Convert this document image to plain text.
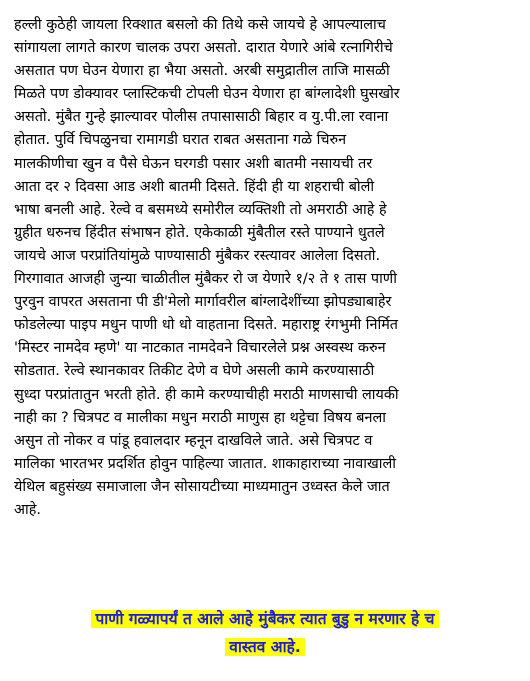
हल्ली कुठेही जायला रिक्शात बसलो की तिथे कसे जायचे हे आपल्यालाच
सांगायला लागते कारण चालक उपरा असतो. दारात येणारे आंबे रत्नागिरीचे
असतात पण घेउन येणारा हा भैया असतो. अरबी समुद्रातील ताजि मासळी
मिळते पण डोक्यावर प्लास्टिकची टोपली घेउन येणारा हा बांग्लादेशी घुसखोर
असतो. मुंबैत गुन्हे झाल्यावर पोलीस तपासासाठी बिहार व यु.पी.ला रवाना
होतात. पुर्वि चिपळुनचा रामागडी घरात राबत असताना गळे चिरुन
मालकीणीचा खुन व पैसे घेऊन घरगडी पसार अशी बातमी नसायची तर
आता दर २ दिवसा आड अशी बातमी दिसते. हिंदी ही या शहराची बोली
भाषा बनली आहे. रेल्वे व बसमध्ये समोरील व्यक्तिशी तो अमराठी आहे हे
ग्रुहीत धरुनच हिंदीत संभाषन होते. एकेकाळी मुंबैतील रस्ते पाण्याने धुतले
जायचे आज परप्रांतियांमुळे पाण्यासाठी मुंबैकर रस्त्यावर आलेला दिसतो.
गिरगावात आजही जुन्या चाळीतील मुंबैकर रो ज येणारे १/२ ते १ तास पाणी
पुरवुन वापरत असताना पी डी'मेलो मार्गावरील बांग्लादेशींच्या झोपड्याबाहेर
फोडलेल्या पाइप मधुन पाणी धो धो वाहताना दिसते. महाराष्ट्र रंगभुमी निर्मित
'मिस्टर नामदेव म्हणे' या नाटकात नामदेवने विचारलेले प्रश्न अस्वस्थ करुन
सोडतात. रेल्वे स्थानकावर तिकीट देणे व घेणे असली कामे करण्यासाठी
सुध्दा परप्रांतातुन भरती होते. ही कामे करण्याचीही मराठी माणसाची लायकी
नाही का ? चित्रपट व मालीका मधुन मराठी माणुस हा थट्टेचा विषय बनला
असुन तो नोकर व पांडू हवालदार म्हनून दाखविले जाते. असे चित्रपट व
मालिका भारतभर प्रदर्शित होवुन पाहिल्या जातात. शाकाहाराच्या नावाखाली
येथिल बहुसंख्य समाजाला जैन सोसायटीच्या माध्यमातुन उध्वस्त केले जात
आहे.
पाणी गळ्यापर्यं त आले आहे मुंबैकर त्यात बुडु न मरणार हे च
वास्तव आहे.
